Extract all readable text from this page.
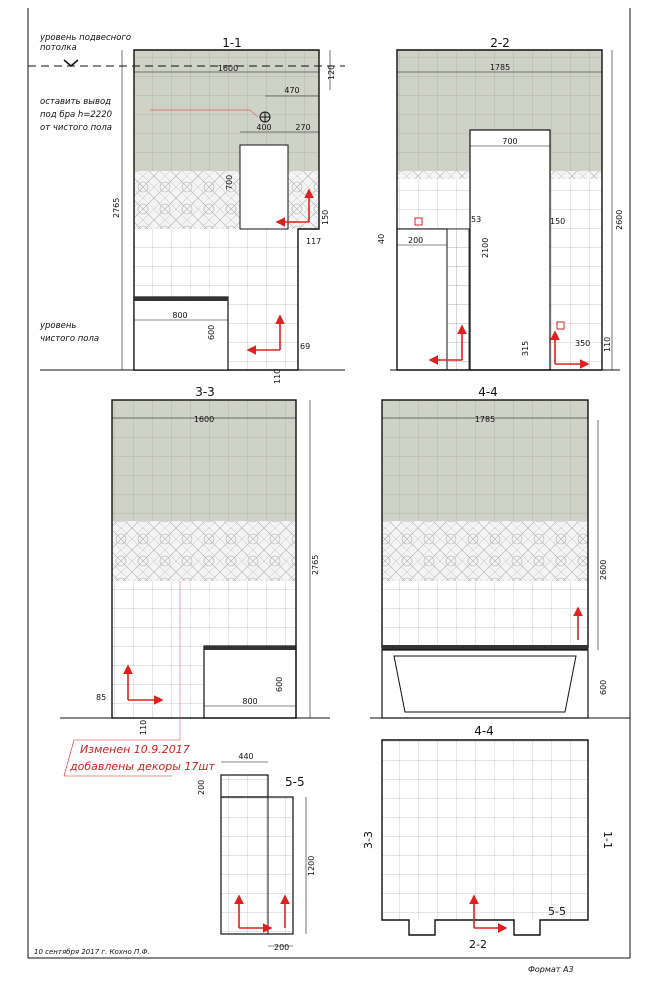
1-1
уровень подвесного
потолка
оставить вывод
под бра h=2220
от чистого пола
уровень
чистого пола
1600	120
470
400	270
700
150
117
2765
800
600
69
110
2-2
1785
700
53	150
40	200	2100
2600
315	350 110
3-3
1600
2765
85
110
800
600
4-4
1785
2600
600
Изменен 10.9.2017
добавлены декоры 17шт
440
200	5-5
1200
200
4-4
3-3	1-1
2-2
5-5
10 сентября 2017 г. Кохно П.Ф.
Формат А3
